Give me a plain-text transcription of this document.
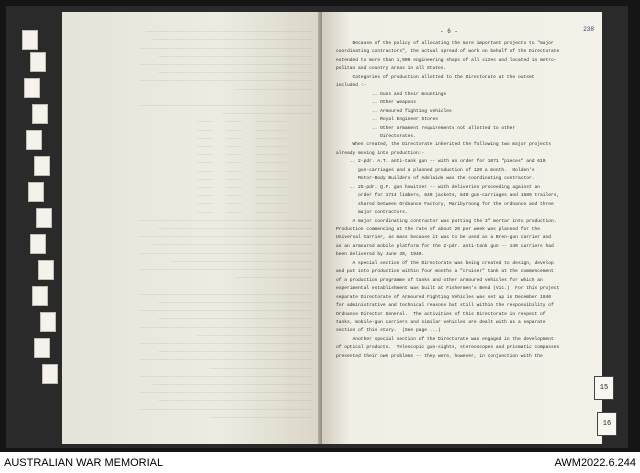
────────────────────────────────────────────────────
──────────────────────────────────────────────────
──────────────────────────────────────────────────────
────────────────────────────────────────────────
──────────────────────────────────────────────────────
────────────────────────────────────────────────
──────────────────────────────────────────────────────
────────────────────────

──────────────────────────────────────────────────────
────────────────────────────
──────────    ─────    ─────
──────────    ─────    ─────
──────────    ─────    ─────
──────────    ─────    ─────
──────────    ─────    ─────
──────────    ─────    ─────
──────────    ─────    ─────
──────────    ─────    ─────
──────────    ─────    ─────
──────────    ─────    ─────
──────────    ─────    ─────
──────────    ─────    ─────
──────────────────────────────────────────────────────
────────────────────────────────────────────────
──────────────────────────────────────────────────────
──────────────────────────────────────────────────
──────────────────────────────────────────────────────
────────────────────────────────────────────
──────────────────────────────────────────────────────
────────────────────────

──────────────────────────────────────────────────────
────────────────────────────────────────────────
──────────────────────────────────────────────────────
────────────────────────────────────────────────
──────────────────────────────────────────────────────
────────────────────────────────────
──────────────────────────────────────────────────────
────────────────────────────────────────────────
──────────────────────────────────────────────────────
────────────────────────────────
──────────────────────────────────────────────────────
──────────────────────────────────────────────────
──────────────────────────────────────────────────────
────────────────────────────────────────────────
──────────────────────────────────────────────────────
────────────────────────────────

- 6 -	238
Because of the policy of allocating the more important projects to "major
coordinating contractors", the actual spread of work on behalf of the Directorate
extended to more than 1,000 engineering shops of all sizes and located in metro-
politan and country areas in all States.
Categories of production allotted to the Directorate at the outset
included :-
.. Guns and their mountings
.. Other weapons
.. Armoured fighting vehicles
.. Royal Engineer Stores
.. Other armament requirements not allotted to other
Directorates.
When created, the Directorate inherited the following two major projects
already moving into production:-
.. 2-pdr. A.T. anti-tank gun -- with an order for 1071 "pieces" and 610
gun-carriages and a planned production of 120 a month.  Holden's
Motor-Body Builders of Adelaide was the coordinating contractor.
.. 25-pdr. Q.F. gun howitzer -- with deliveries proceeding against an
order for 1714 limbers, 840 jackets, 840 gun-carriages and 1680 trailers,
shared between Ordnance Factory, Maribyrnong for the ordnance and three
major contractors.
A major coordinating contractor was putting the 3" mortar into production.
Production commencing at the rate of about 20 per week was planned for the
Universal Carrier, as mass because it was to be used as a Bren-gun carrier and
as an armoured mobile platform for the 2-pdr. anti-tank gun -- 140 carriers had
been delivered by June 30, 1940.
A special section of the Directorate was being created to design, develop
and put into production within four months a "cruiser" tank at the commencement
of a production programme of tanks and other armoured vehicles for which an
experimental establishment was built at Fishermen's Bend (Vic.)  For this project
separate Directorate of Armoured Fighting Vehicles was set up in December 1940
for administrative and technical reasons but still within the responsibility of
Ordnance Director General.  The activities of this Directorate in respect of
tanks, mobile-gun carriers and similar vehicles are dealt with as a separate
section of this story.  (See page ...)
Another special section of the Directorate was engaged in the development
of optical products.  Telescopic gun-sights, stereoscopes and prismatic compasses
presented their own problems -- they were, however, in conjunction with the
15
16
AUSTRALIAN WAR MEMORIAL	AWM2022.6.244
